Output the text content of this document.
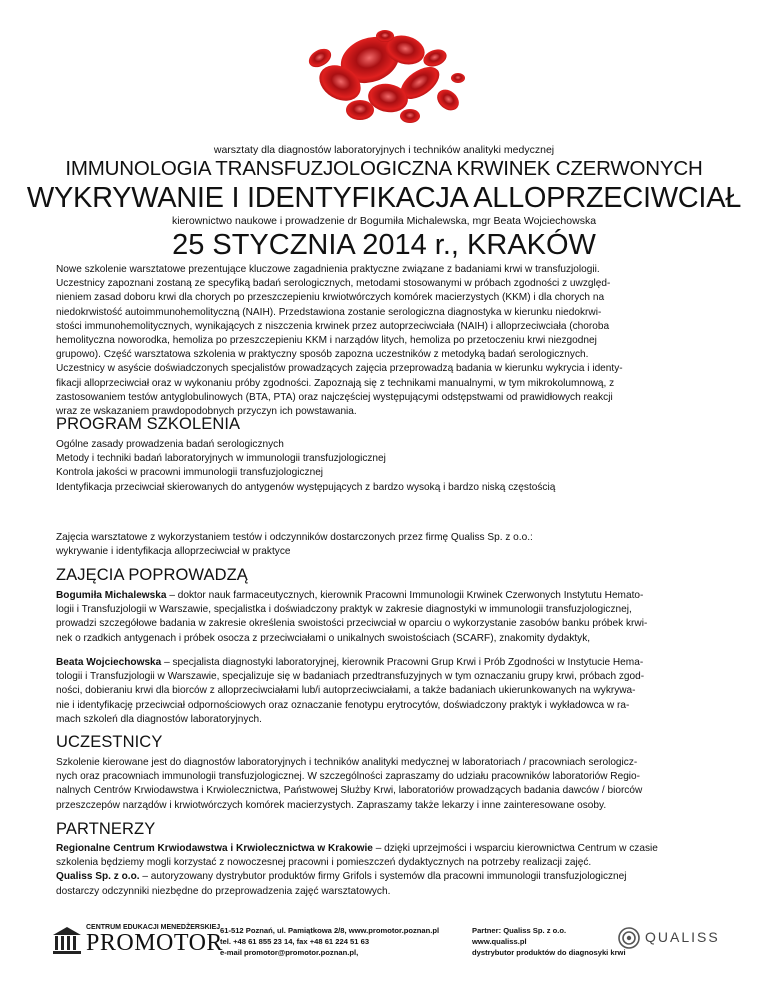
warsztaty dla diagnostów laboratoryjnych i techników analityki medycznej
IMMUNOLOGIA TRANSFUZJOLOGICZNA KRWINEK CZERWONYCH
WYKRYWANIE I IDENTYFIKACJA ALLOPRZECIWCIAŁ
kierownictwo naukowe i prowadzenie dr Bogumiła Michalewska, mgr Beata Wojciechowska
25 STYCZNIA 2014 r., KRAKÓW
Nowe szkolenie warsztatowe prezentujące kluczowe zagadnienia praktyczne związane z badaniami krwi w transfuzjologii.
Uczestnicy zapoznani zostaną ze specyfiką badań serologicznych, metodami stosowanymi w próbach zgodności z uwzględ-
nieniem zasad doboru krwi dla chorych po przeszczepieniu krwiotwórczych komórek macierzystych (KKM) i dla chorych na
niedokrwistość autoimmunohemolityczną (NAIH). Przedstawiona zostanie serologiczna diagnostyka w kierunku niedokrwi-
stości immunohemolitycznych, wynikających z niszczenia krwinek przez autoprzeciwciała (NAIH) i alloprzeciwciała (choroba
hemolityczna noworodka, hemoliza po przeszczepieniu KKM i narządów litych, hemoliza po przetoczeniu krwi niezgodnej
grupowo). Część warsztatowa szkolenia w praktyczny sposób zapozna uczestników z metodyką badań serologicznych.
Uczestnicy w asyście doświadczonych specjalistów prowadzących zajęcia przeprowadzą badania w kierunku wykrycia i identy-
fikacji alloprzeciwciał oraz w wykonaniu próby zgodności. Zapoznają się z technikami manualnymi, w tym mikrokolumnową, z
zastosowaniem testów antyglobulinowych (BTA, PTA) oraz najczęściej występującymi odstępstwami od prawidłowych reakcji
wraz ze wskazaniem prawdopodobnych przyczyn ich powstawania.
PROGRAM SZKOLENIA
Ogólne zasady prowadzenia badań serologicznych
Metody i techniki badań laboratoryjnych w immunologii transfuzjologicznej
Kontrola jakości w pracowni immunologii transfuzjologicznej
Identyfikacja przeciwciał skierowanych do antygenów występujących z bardzo wysoką i bardzo niską częstością
Zajęcia warsztatowe z wykorzystaniem testów i odczynników dostarczonych przez firmę Qualiss Sp. z o.o.:
wykrywanie i identyfikacja alloprzeciwciał w praktyce
ZAJĘCIA POPROWADZĄ
Bogumiła Michalewska – doktor nauk farmaceutycznych, kierownik Pracowni Immunologii Krwinek Czerwonych Instytutu Hemato-
logii i Transfuzjologii w Warszawie, specjalistka i doświadczony praktyk w zakresie diagnostyki w immunologii transfuzjologicznej,
prowadzi szczegółowe badania w zakresie określenia swoistości przeciwciał w oparciu o wykorzystanie zasobów banku próbek krwi-
nek o rzadkich antygenach i próbek osocza z przeciwciałami o unikalnych swoistościach (SCARF), znakomity dydaktyk,
Beata Wojciechowska – specjalista diagnostyki laboratoryjnej, kierownik Pracowni Grup Krwi i Prób Zgodności w Instytucie Hema-
tologii i Transfuzjologii w Warszawie, specjalizuje się w badaniach przedtransfuzyjnych w tym oznaczaniu grupy krwi, próbach zgod-
ności, dobieraniu krwi dla biorców z alloprzeciwciałami lub/i autoprzeciwciałami, a także badaniach ukierunkowanych na wykrywa-
nie i identyfikację przeciwciał odpornościowych oraz oznaczanie fenotypu erytrocytów, doświadczony praktyk i wykładowca w ra-
mach szkoleń dla diagnostów laboratoryjnych.
UCZESTNICY
Szkolenie kierowane jest do diagnostów laboratoryjnych i techników analityki medycznej w laboratoriach / pracowniach serologicz-
nych oraz pracowniach immunologii transfuzjologicznej. W szczególności zapraszamy do udziału pracowników laboratoriów Regio-
nalnych Centrów Krwiodawstwa i Krwiolecznictwa, Państwowej Służby Krwi, laboratoriów prowadzących badania dawców / biorców
przeszczepów narządów i krwiotwórczych komórek macierzystych. Zapraszamy także lekarzy i inne zainteresowane osoby.
PARTNERZY
Regionalne Centrum Krwiodawstwa i Krwiolecznictwa w Krakowie – dzięki uprzejmości i wsparciu kierownictwa Centrum w czasie
szkolenia będziemy mogli korzystać z nowoczesnej pracowni i pomieszczeń dydaktycznych na potrzeby realizacji zajęć.
Qualiss Sp. z o.o. – autoryzowany dystrybutor produktów firmy Grifols i systemów dla pracowni immunologii transfuzjologicznej
dostarczy odczynniki niezbędne do przeprowadzenia zajęć warsztatowych.
CENTRUM EDUKACJI MENEDŻERSKIEJ
PROMOTOR
61-512 Poznań, ul. Pamiątkowa 2/8, www.promotor.poznan.pl
tel. +48 61 855 23 14, fax +48 61 224 51 63
e-mail promotor@promotor.poznan.pl,
Partner: Qualiss Sp. z o.o.
www.qualiss.pl
dystrybutor produktów do diagnosyki krwi
QUALISS
